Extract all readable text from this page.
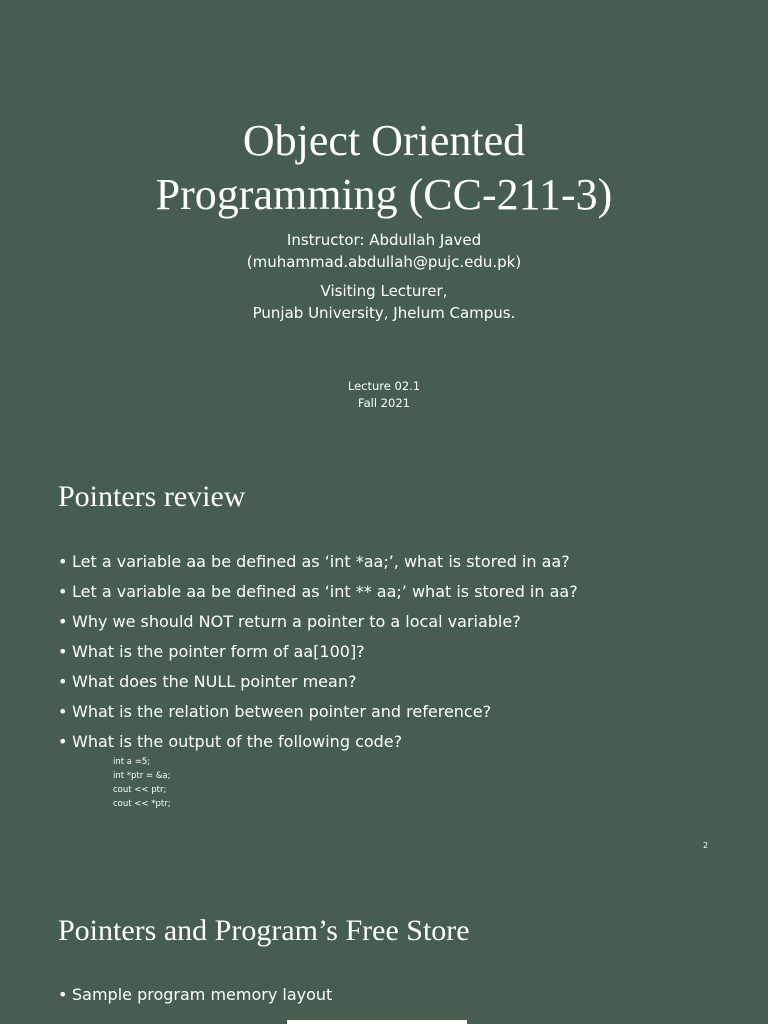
Object Oriented
Programming (CC-211-3)
Instructor: Abdullah Javed
(muhammad.abdullah@pujc.edu.pk)
Visiting Lecturer,
Punjab University, Jhelum Campus.
Lecture 02.1
Fall 2021
Pointers review
• Let a variable aa be defined as ‘int *aa;’, what is stored in aa?
• Let a variable aa be defined as ‘int ** aa;’ what is stored in aa?
• Why we should NOT return a pointer to a local variable?
• What is the pointer form of aa[100]?
• What does the NULL pointer mean?
• What is the relation between pointer and reference?
• What is the output of the following code?
int a =5;
int *ptr = &a;
cout << ptr;
cout << *ptr;
2
Pointers and Program’s Free Store
• Sample program memory layout
